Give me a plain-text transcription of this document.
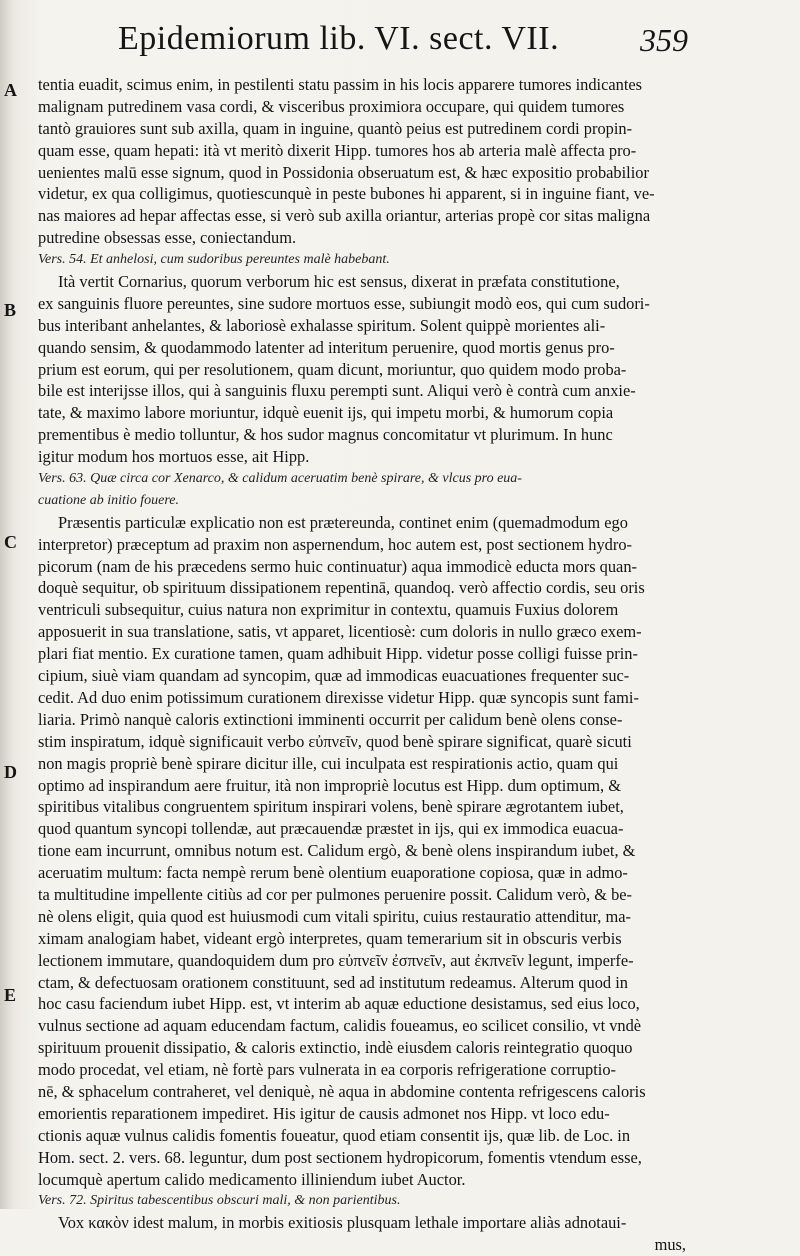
Epidemiorum lib. VI. sect. VII.	359
A
B
C
D
E
tentia euadit, scimus enim, in pestilenti statu passim in his locis apparere tumores indicantes
malignam putredinem vasa cordi, & visceribus proximiora occupare, qui quidem tumores
tantò grauiores sunt sub axilla, quam in inguine, quantò peius est putredinem cordi propin-
quam esse, quam hepati: ità vt meritò dixerit Hipp. tumores hos ab arteria malè affecta pro-
uenientes malū esse signum, quod in Possidonia obseruatum est, & hæc expositio probabilior
videtur, ex qua colligimus, quotiescunquè in peste bubones hi apparent, si in inguine fiant, ve-
nas maiores ad hepar affectas esse, si verò sub axilla oriantur, arterias propè cor sitas maligna
putredine obsessas esse, coniectandum.
Vers. 54. Et anhelosi, cum sudoribus pereuntes malè habebant.
Ità vertit Cornarius, quorum verborum hic est sensus, dixerat in præfata constitutione,
ex sanguinis fluore pereuntes, sine sudore mortuos esse, subiungit modò eos, qui cum sudori-
bus interibant anhelantes, & laboriosè exhalasse spiritum. Solent quippè morientes ali-
quando sensim, & quodammodo latenter ad interitum peruenire, quod mortis genus pro-
prium est eorum, qui per resolutionem, quam dicunt, moriuntur, quo quidem modo proba-
bile est interijsse illos, qui à sanguinis fluxu perempti sunt. Aliqui verò è contrà cum anxie-
tate, & maximo labore moriuntur, idquè euenit ijs, qui impetu morbi, & humorum copia
prementibus è medio tolluntur, & hos sudor magnus concomitatur vt plurimum. In hunc
igitur modum hos mortuos esse, ait Hipp.
Vers. 63. Quæ circa cor Xenarco, & calidum aceruatim benè spirare, & vlcus pro eua-
cuatione ab initio fouere.
Præsentis particulæ explicatio non est prætereunda, continet enim (quemadmodum ego
interpretor) præceptum ad praxim non aspernendum, hoc autem est, post sectionem hydro-
picorum (nam de his præcedens sermo huic continuatur) aqua immodicè educta mors quan-
doquè sequitur, ob spirituum dissipationem repentinā, quandoq. verò affectio cordis, seu oris
ventriculi subsequitur, cuius natura non exprimitur in contextu, quamuis Fuxius dolorem
apposuerit in sua translatione, satis, vt apparet, licentiosè: cum doloris in nullo græco exem-
plari fiat mentio. Ex curatione tamen, quam adhibuit Hipp. videtur posse colligi fuisse prin-
cipium, siuè viam quandam ad syncopim, quæ ad immodicas euacuationes frequenter suc-
cedit. Ad duo enim potissimum curationem direxisse videtur Hipp. quæ syncopis sunt fami-
liaria. Primò nanquè caloris extinctioni imminenti occurrit per calidum benè olens conse-
stim inspiratum, idquè significauit verbo εὐπνεῖν, quod benè spirare significat, quarè sicuti
non magis propriè benè spirare dicitur ille, cui inculpata est respirationis actio, quam qui
optimo ad inspirandum aere fruitur, ità non impropriè locutus est Hipp. dum optimum, &
spiritibus vitalibus congruentem spiritum inspirari volens, benè spirare ægrotantem iubet,
quod quantum syncopi tollendæ, aut præcauendæ præstet in ijs, qui ex immodica euacua-
tione eam incurrunt, omnibus notum est. Calidum ergò, & benè olens inspirandum iubet, &
aceruatim multum: facta nempè rerum benè olentium euaporatione copiosa, quæ in admo-
ta multitudine impellente citiùs ad cor per pulmones peruenire possit. Calidum verò, & be-
nè olens eligit, quia quod est huiusmodi cum vitali spiritu, cuius restauratio attenditur, ma-
ximam analogiam habet, videant ergò interpretes, quam temerarium sit in obscuris verbis
lectionem immutare, quandoquidem dum pro εὐπνεῖν ἐσπνεῖν, aut ἐκπνεῖν legunt, imperfe-
ctam, & defectuosam orationem constituunt, sed ad institutum redeamus. Alterum quod in
hoc casu faciendum iubet Hipp. est, vt interim ab aquæ eductione desistamus, sed eius loco,
vulnus sectione ad aquam educendam factum, calidis foueamus, eo scilicet consilio, vt vndè
spirituum prouenit dissipatio, & caloris extinctio, indè eiusdem caloris reintegratio quoquo
modo procedat, vel etiam, nè fortè pars vulnerata in ea corporis refrigeratione corruptio-
nē, & sphacelum contraheret, vel deniquè, nè aqua in abdomine contenta refrigescens caloris
emorientis reparationem impediret. His igitur de causis admonet nos Hipp. vt loco edu-
ctionis aquæ vulnus calidis fomentis foueatur, quod etiam consentit ijs, quæ lib. de Loc. in
Hom. sect. 2. vers. 68. leguntur, dum post sectionem hydropicorum, fomentis vtendum esse,
locumquè apertum calido medicamento illiniendum iubet Auctor.
Vers. 72. Spiritus tabescentibus obscuri mali, & non parientibus.
Vox κακὸν idest malum, in morbis exitiosis plusquam lethale importare aliàs adnotaui-
mus,
